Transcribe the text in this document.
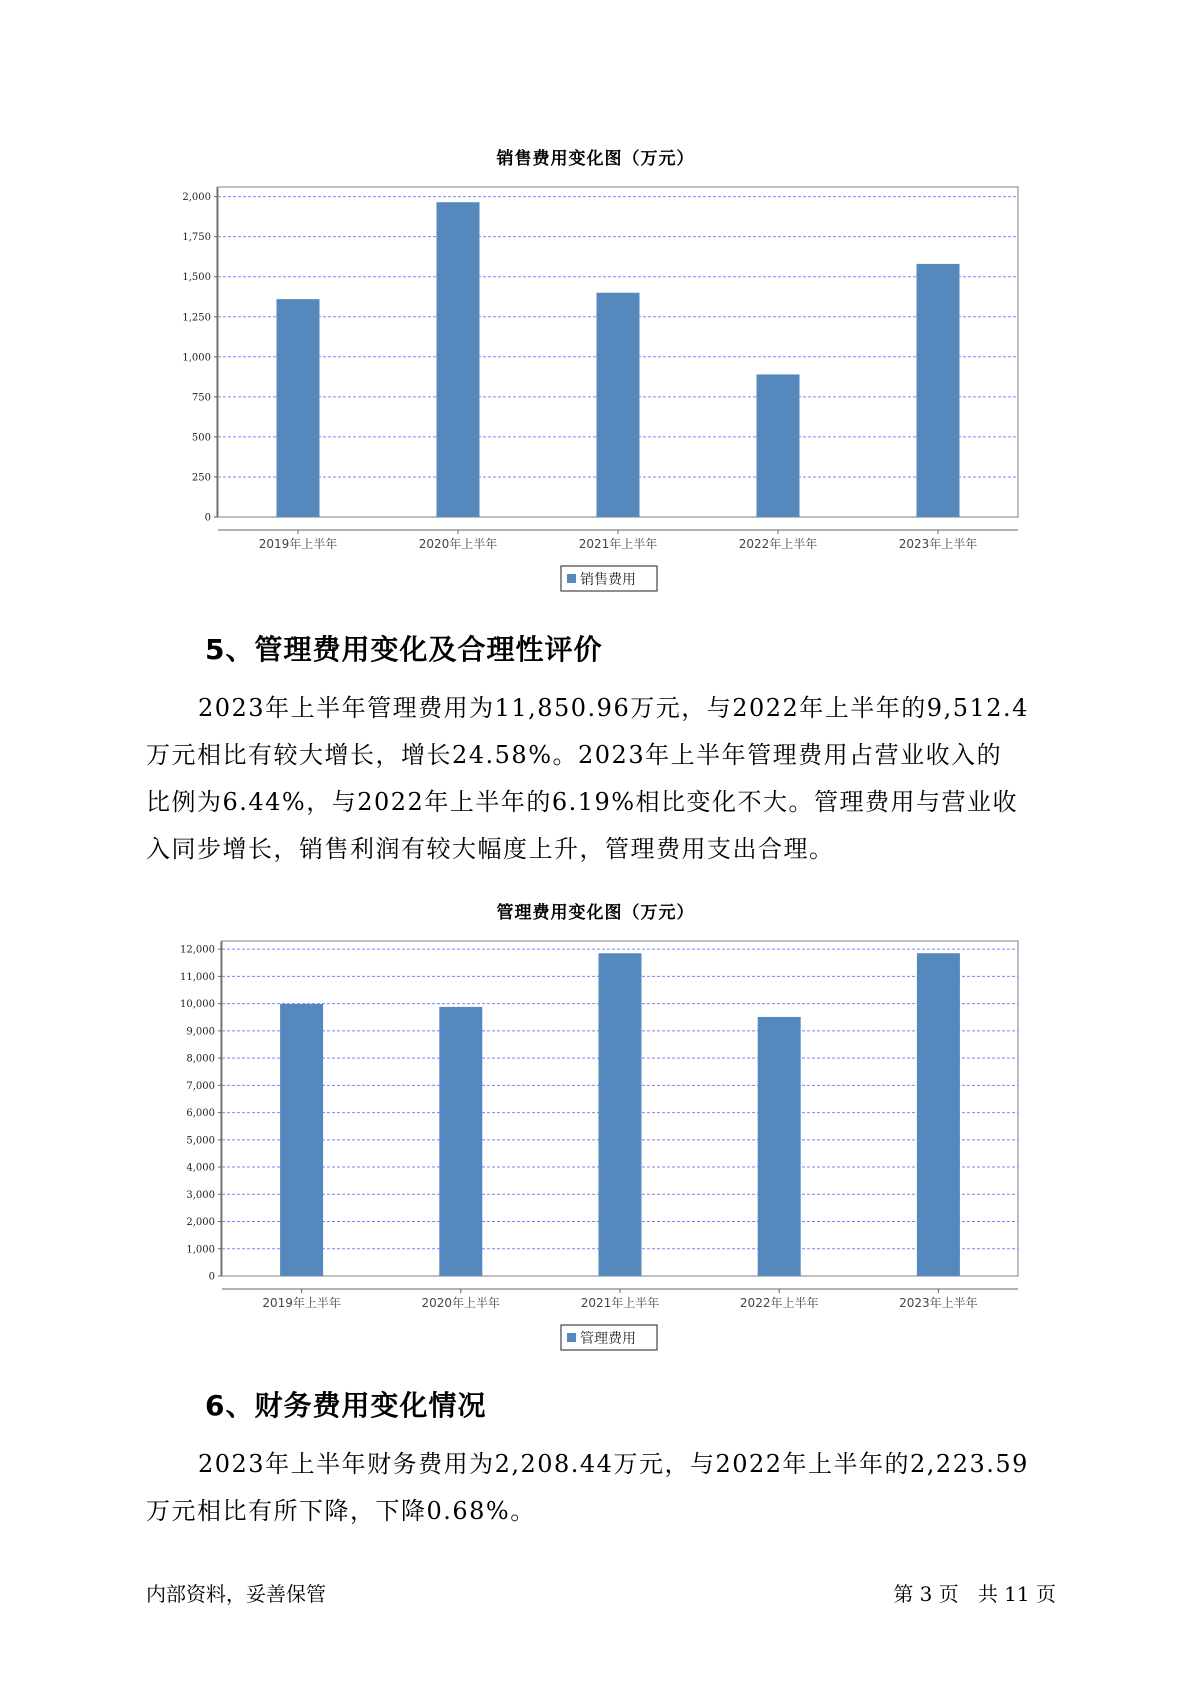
销售费用变化图（万元）
0
250
500
750
1,000
1,250
1,500
1,750
2,000
2019年上半年	2020年上半年	2021年上半年	2022年上半年	2023年上半年
销售费用
5、管理费用变化及合理性评价

2023年上半年管理费用为11,850.96万元，与2022年上半年的9,512.4
万元相比有较大增长，增长24.58%。2023年上半年管理费用占营业收入的
比例为6.44%，与2022年上半年的6.19%相比变化不大。管理费用与营业收
入同步增长，销售利润有较大幅度上升，管理费用支出合理。

管理费用变化图（万元）
0
1,000
2,000
3,000
4,000
5,000
6,000
7,000
8,000
9,000
10,000
11,000
12,000
2019年上半年	2020年上半年	2021年上半年	2022年上半年	2023年上半年
管理费用
6、财务费用变化情况

2023年上半年财务费用为2,208.44万元，与2022年上半年的2,223.59
万元相比有所下降，下降0.68%。

内部资料，妥善保管	第 3 页   共 11 页
